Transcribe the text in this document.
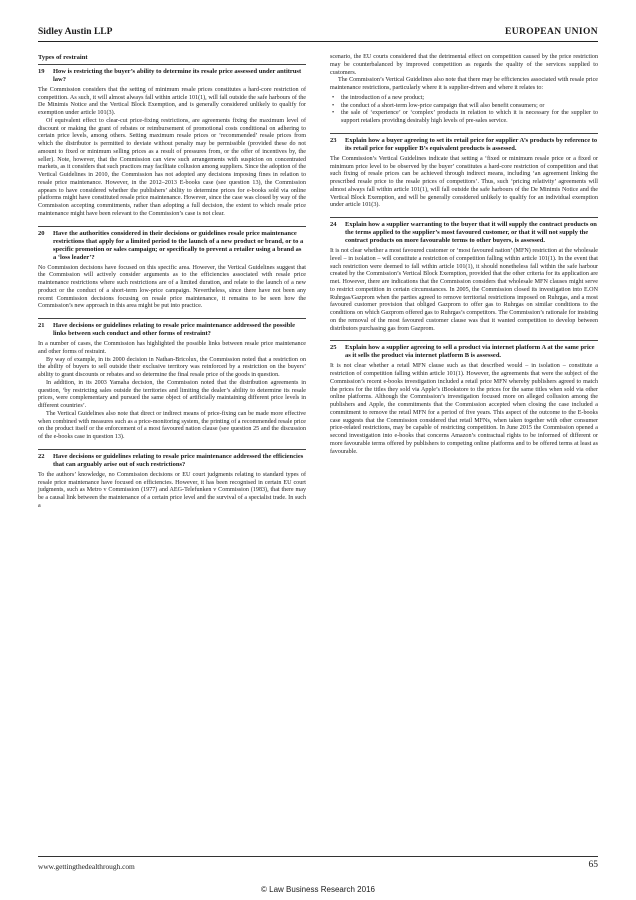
Sidley Austin LLP	EUROPEAN UNION
Types of restraint
19	How is restricting the buyer’s ability to determine its resale price assessed under antitrust law?

The Commission considers that the setting of minimum resale prices constitutes a hard-core restriction of competition. As such, it will almost always fall within article 101(1), will fall outside the safe harbours of the De Minimis Notice and the Vertical Block Exemption, and is generally considered unlikely to qualify for exemption under article 101(3).

Of equivalent effect to clear-cut price-fixing restrictions, are agreements fixing the maximum level of discount or making the grant of rebates or reimbursement of promotional costs conditional on adhering to certain price levels, among others. Setting maximum resale prices or ‘recommended’ resale prices from which the distributor is permitted to deviate without penalty may be permissible (provided these do not amount to fixed or minimum selling prices as a result of pressures from, or the offer of incentives by, the seller). Note, however, that the Commission can view such arrangements with suspicion on concentrated markets, as it considers that such practices may facilitate collusion among suppliers. Since the adoption of the Vertical Guidelines in 2010, the Commission has not adopted any decisions imposing fines in relation to resale price maintenance. However, in the 2012–2013 E-books case (see question 13), the Commission appears to have considered whether the publishers’ ability to determine prices for e-books sold via online platforms might have constituted resale price maintenance. However, since the case was closed by way of the Commission accepting commitments, rather than adopting a full decision, the extent to which resale price maintenance might have been relevant to the Commission’s case is not clear.

20	Have the authorities considered in their decisions or guidelines resale price maintenance restrictions that apply for a limited period to the launch of a new product or brand, or to a specific promotion or sales campaign; or specifically to prevent a retailer using a brand as a ‘loss leader’?

No Commission decisions have focused on this specific area. However, the Vertical Guidelines suggest that the Commission will actively consider arguments as to the efficiencies associated with resale price maintenance restrictions where such restrictions are of a limited duration, and relate to the launch of a new product or the conduct of a short-term low-price campaign. Nevertheless, since there have not been any recent Commission decisions focusing on resale price maintenance, it remains to be seen how the Commission’s new approach in this area might be put into practice.

21	Have decisions or guidelines relating to resale price maintenance addressed the possible links between such conduct and other forms of restraint?

In a number of cases, the Commission has highlighted the possible links between resale price maintenance and other forms of restraint.

By way of example, in its 2000 decision in Nathan-Bricolux, the Commission noted that a restriction on the ability of buyers to sell outside their exclusive territory was reinforced by a restriction on the buyers’ ability to grant discounts or rebates and so determine the final resale price of the goods in question.

In addition, in its 2003 Yamaha decision, the Commission noted that the distribution agreements in question, ‘by restricting sales outside the territories and limiting the dealer’s ability to determine its resale prices, were complementary and pursued the same object of artificially maintaining different price levels in different countries’.

The Vertical Guidelines also note that direct or indirect means of price-fixing can be made more effective when combined with measures such as a price-monitoring system, the printing of a recommended resale price on the product itself or the enforcement of a most favoured nation clause (see question 25 and the discussion of the e-books case in question 13).

22	Have decisions or guidelines relating to resale price maintenance addressed the efficiencies that can arguably arise out of such restrictions?

To the authors’ knowledge, no Commission decisions or EU court judgments relating to standard types of resale price maintenance have focused on efficiencies. However, it has been recognised in certain EU court judgments, such as Metro v Commission (1977) and AEG-Telefunken v Commission (1983), that there may be a causal link between the maintenance of a certain price level and the survival of a specialist trade. In such a

scenario, the EU courts considered that the detrimental effect on competition caused by the price restriction may be counterbalanced by improved competition as regards the quality of the services supplied to customers.

The Commission’s Vertical Guidelines also note that there may be efficiencies associated with resale price maintenance restrictions, particularly where it is supplier-driven and where it relates to:

• the introduction of a new product;
• the conduct of a short-term low-price campaign that will also benefit consumers; or
• the sale of ‘experience’ or ‘complex’ products in relation to which it is necessary for the supplier to support retailers providing desirably high levels of pre-sales service.
23	Explain how a buyer agreeing to set its retail price for supplier A’s products by reference to its retail price for supplier B’s equivalent products is assessed.

The Commission’s Vertical Guidelines indicate that setting a ‘fixed or minimum resale price or a fixed or minimum price level to be observed by the buyer’ constitutes a hard-core restriction of competition and that such fixing of resale prices can be achieved through indirect means, including ‘an agreement linking the prescribed resale price to the resale prices of competitors’. Thus, such ‘pricing relativity’ agreements will almost always fall within article 101(1), will fall outside the safe harbours of the De Minimis Notice and the Vertical Block Exemption, and will be generally considered unlikely to qualify for an individual exemption under article 101(3).

24	Explain how a supplier warranting to the buyer that it will supply the contract products on the terms applied to the supplier’s most favoured customer, or that it will not supply the contract products on more favourable terms to other buyers, is assessed.

It is not clear whether a most favoured customer or ‘most favoured nation’ (MFN) restriction at the wholesale level – in isolation – will constitute a restriction of competition falling within article 101(1). In the event that such restriction were deemed to fall within article 101(1), it should nonetheless fall within the safe harbour created by the Commission’s Vertical Block Exemption, provided that the other criteria for its application are met. However, there are indications that the Commission considers that wholesale MFN clauses might serve to restrict competition in certain circumstances. In 2005, the Commission closed its investigation into E.ON Ruhrgas/Gazprom when the parties agreed to remove territorial restrictions imposed on Ruhrgas, and a most favoured customer provision that obliged Gazprom to offer gas to Ruhrgas on similar conditions to the conditions on which Gazprom offered gas to Ruhrgas’s competitors. The Commission’s rationale for insisting on the removal of the most favoured customer clause was that it wanted competition to develop between distributors purchasing gas from Gazprom.

25	Explain how a supplier agreeing to sell a product via internet platform A at the same price as it sells the product via internet platform B is assessed.

It is not clear whether a retail MFN clause such as that described would – in isolation – constitute a restriction of competition falling within article 101(1). However, the agreements that were the subject of the Commission’s recent e-books investigation included a retail price MFN whereby publishers agreed to match the prices for the titles they sold via Apple’s iBookstore to the prices for the same titles when sold via other online platforms. Although the Commission’s investigation focused more on alleged collusion among the publishers and Apple, the commitments that the Commission accepted when closing the case included a commitment to remove the retail MFN for a period of five years. This aspect of the outcome to the E-books case suggests that the Commission considered that retail MFNs, when taken together with other consumer price-related restrictions, may be capable of restricting competition. In June 2015 the Commission opened a second investigation into e-books that concerns Amazon’s contractual rights to be informed of different or more favourable terms offered by publishers to competing online platforms and to be offered terms at least as favourable.

www.gettingthedealthrough.com	65
© Law Business Research 2016
